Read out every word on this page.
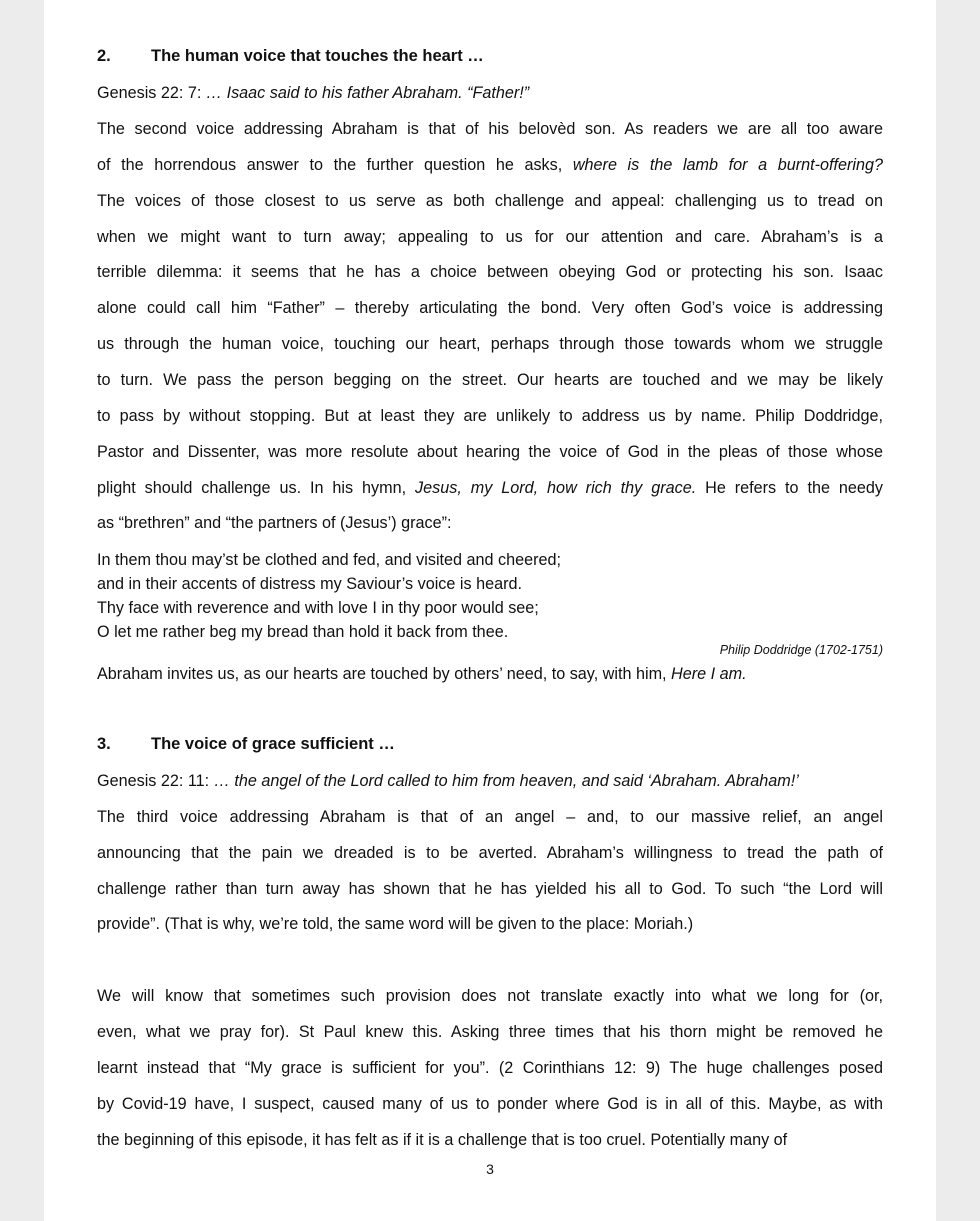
2. The human voice that touches the heart …
Genesis 22: 7: … Isaac said to his father Abraham. “Father!”
The second voice addressing Abraham is that of his belovèd son. As readers we are all too aware
of the horrendous answer to the further question he asks, where is the lamb for a burnt-offering?
The voices of those closest to us serve as both challenge and appeal: challenging us to tread on
when we might want to turn away; appealing to us for our attention and care. Abraham’s is a
terrible dilemma: it seems that he has a choice between obeying God or protecting his son. Isaac
alone could call him “Father” – thereby articulating the bond. Very often God’s voice is addressing
us through the human voice, touching our heart, perhaps through those towards whom we struggle
to turn. We pass the person begging on the street. Our hearts are touched and we may be likely
to pass by without stopping. But at least they are unlikely to address us by name. Philip Doddridge,
Pastor and Dissenter, was more resolute about hearing the voice of God in the pleas of those whose
plight should challenge us. In his hymn, Jesus, my Lord, how rich thy grace. He refers to the needy
as “brethren” and “the partners of (Jesus’) grace”:
In them thou may’st be clothed and fed, and visited and cheered;
and in their accents of distress my Saviour’s voice is heard.
Thy face with reverence and with love I in thy poor would see;
O let me rather beg my bread than hold it back from thee.
Philip Doddridge (1702-1751)
Abraham invites us, as our hearts are touched by others’ need, to say, with him, Here I am.
3. The voice of grace sufficient …
Genesis 22: 11: … the angel of the Lord called to him from heaven, and said ‘Abraham. Abraham!’
The third voice addressing Abraham is that of an angel – and, to our massive relief, an angel
announcing that the pain we dreaded is to be averted. Abraham’s willingness to tread the path of
challenge rather than turn away has shown that he has yielded his all to God. To such “the Lord will
provide”. (That is why, we’re told, the same word will be given to the place: Moriah.)
We will know that sometimes such provision does not translate exactly into what we long for (or,
even, what we pray for). St Paul knew this. Asking three times that his thorn might be removed he
learnt instead that “My grace is sufficient for you”. (2 Corinthians 12: 9) The huge challenges posed
by Covid-19 have, I suspect, caused many of us to ponder where God is in all of this. Maybe, as with
the beginning of this episode, it has felt as if it is a challenge that is too cruel. Potentially many of
3
